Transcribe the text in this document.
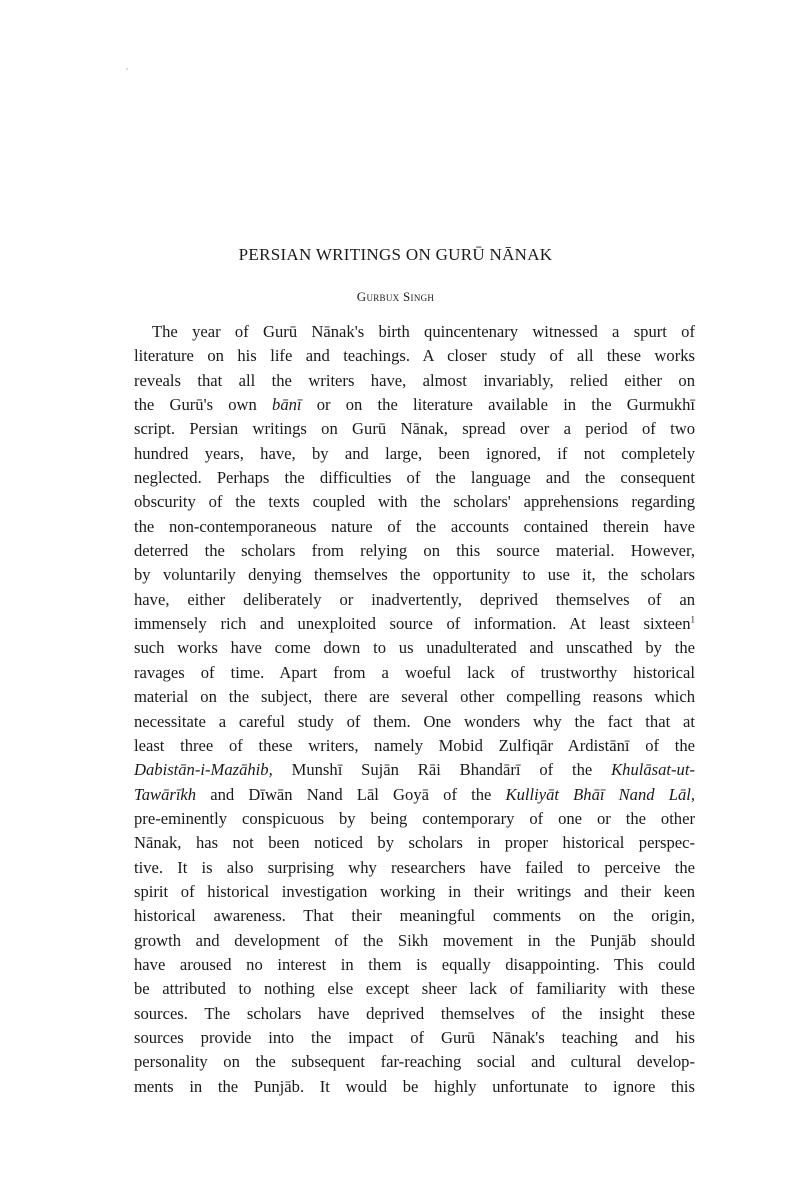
PERSIAN WRITINGS ON GURŪ NĀNAK
Gurbux Singh
The year of Gurū Nānak's birth quincentenary witnessed a spurt of
literature on his life and teachings. A closer study of all these works
reveals that all the writers have, almost invariably, relied either on
the Gurū's own bānī or on the literature available in the Gurmukhī
script. Persian writings on Gurū Nānak, spread over a period of two
hundred years, have, by and large, been ignored, if not completely
neglected. Perhaps the difficulties of the language and the consequent
obscurity of the texts coupled with the scholars' apprehensions regarding
the non-contemporaneous nature of the accounts contained therein have
deterred the scholars from relying on this source material. However,
by voluntarily denying themselves the opportunity to use it, the scholars
have, either deliberately or inadvertently, deprived themselves of an
immensely rich and unexploited source of information. At least sixteen$^1$
such works have come down to us unadulterated and unscathed by the
ravages of time. Apart from a woeful lack of trustworthy historical
material on the subject, there are several other compelling reasons which
necessitate a careful study of them. One wonders why the fact that at
least three of these writers, namely Mobid Zulfiqār Ardistānī of the
Dabistān-i-Mazāhib, Munshī Sujān Rāi Bhandārī of the Khulāsat-ut-
Tawārīkh and Dīwān Nand Lāl Goyā of the Kulliyāt Bhāī Nand Lāl,
pre-eminently conspicuous by being contemporary of one or the other
Nānak, has not been noticed by scholars in proper historical perspec-
tive. It is also surprising why researchers have failed to perceive the
spirit of historical investigation working in their writings and their keen
historical awareness. That their meaningful comments on the origin,
growth and development of the Sikh movement in the Punjāb should
have aroused no interest in them is equally disappointing. This could
be attributed to nothing else except sheer lack of familiarity with these
sources. The scholars have deprived themselves of the insight these
sources provide into the impact of Gurū Nānak's teaching and his
personality on the subsequent far-reaching social and cultural develop-
ments in the Punjāb. It would be highly unfortunate to ignore this
